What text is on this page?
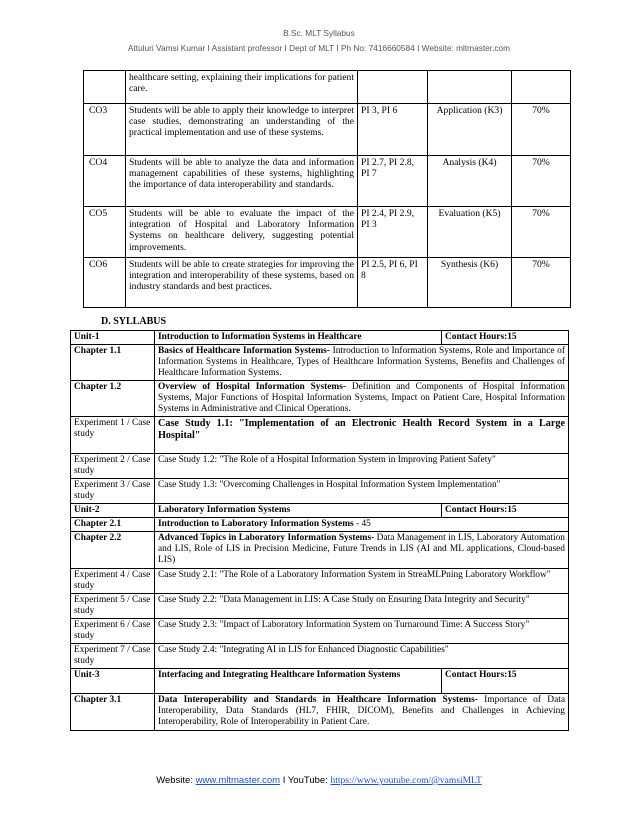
B.Sc. MLT Syllabus
Attuluri Vamsi Kumar I Assistant professor I Dept of MLT I Ph No: 7416660584 I Website: mltmaster.com
	healthcare setting, explaining their implications for patient care.			
CO3	Students will be able to apply their knowledge to interpret case studies, demonstrating an understanding of the practical implementation and use of these systems.	PI 3, PI 6	Application (K3)	70%
CO4	Students will be able to analyze the data and information management capabilities of these systems, highlighting the importance of data interoperability and standards.	PI 2.7, PI 2.8, PI 7	Analysis (K4)	70%
CO5	Students will be able to evaluate the impact of the integration of Hospital and Laboratory Information Systems on healthcare delivery, suggesting potential improvements.	PI 2.4, PI 2.9, PI 3	Evaluation (K5)	70%
CO6	Students will be able to create strategies for improving the integration and interoperability of these systems, based on industry standards and best practices.	PI 2.5, PI 6, PI 8	Synthesis (K6)	70%
D. SYLLABUS
Unit-1	Introduction to Information Systems in Healthcare	Contact Hours:15
Chapter 1.1	Basics of Healthcare Information Systems- Introduction to Information Systems, Role and Importance of Information Systems in Healthcare, Types of Healthcare Information Systems, Benefits and Challenges of Healthcare Information Systems.	
Chapter 1.2	Overview of Hospital Information Systems- Definition and Components of Hospital Information Systems, Major Functions of Hospital Information Systems, Impact on Patient Care, Hospital Information Systems in Administrative and Clinical Operations.	
Experiment 1 / Case study	Case Study 1.1: "Implementation of an Electronic Health Record System in a Large Hospital"	
Experiment 2 / Case study	Case Study 1.2: "The Role of a Hospital Information System in Improving Patient Safety"	
Experiment 3 / Case study	Case Study 1.3: "Overcoming Challenges in Hospital Information System Implementation"	
Unit-2	Laboratory Information Systems	Contact Hours:15
Chapter 2.1	Introduction to Laboratory Information Systems - 45	
Chapter 2.2	Advanced Topics in Laboratory Information Systems- Data Management in LIS, Laboratory Automation and LIS, Role of LIS in Precision Medicine, Future Trends in LIS (AI and ML applications, Cloud-based LIS)	
Experiment 4 / Case study	Case Study 2.1: "The Role of a Laboratory Information System in StreaMLPning Laboratory Workflow"	
Experiment 5 / Case study	Case Study 2.2: "Data Management in LIS: A Case Study on Ensuring Data Integrity and Security"	
Experiment 6 / Case study	Case Study 2.3: "Impact of Laboratory Information System on Turnaround Time: A Success Story"	
Experiment 7 / Case study	Case Study 2.4: "Integrating AI in LIS for Enhanced Diagnostic Capabilities"	
Unit-3	Interfacing and Integrating Healthcare Information Systems	Contact Hours:15
Chapter 3.1	Data Interoperability and Standards in Healthcare Information Systems- Importance of Data Interoperability, Data Standards (HL7, FHIR, DICOM), Benefits and Challenges in Achieving Interoperability, Role of Interoperability in Patient Care.	
Website: www.mltmaster.com I YouTube: https://www.youtube.com/@vamsiMLT
